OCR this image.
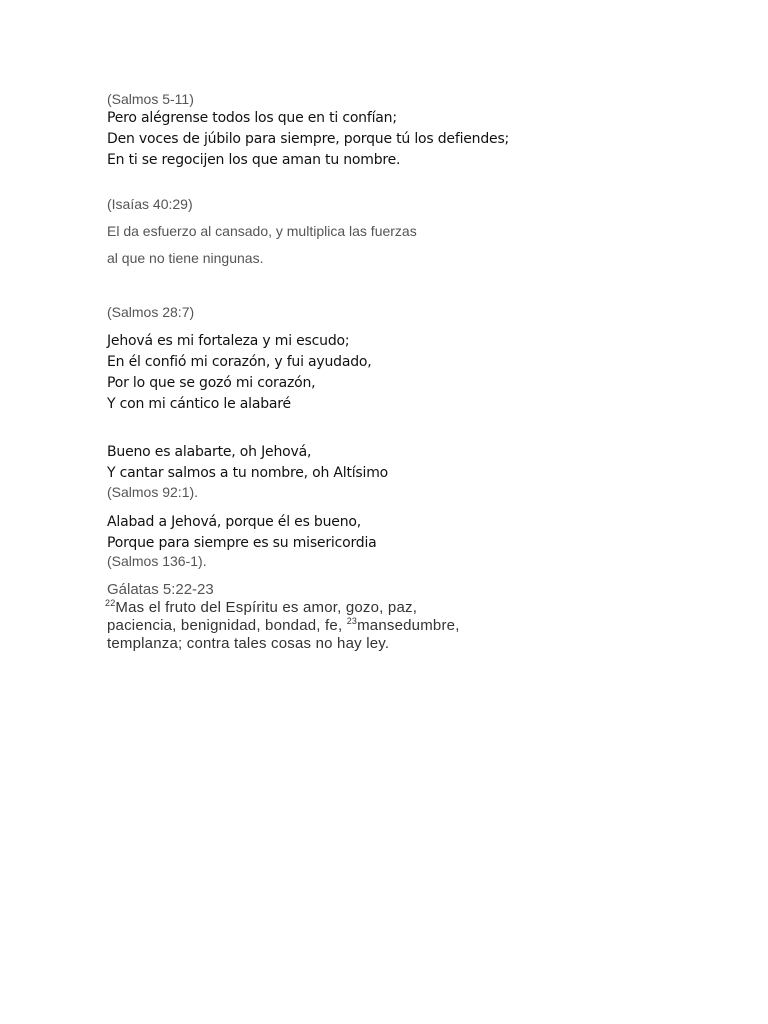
(Salmos 5-11)
Pero alégrense todos los que en ti confían;
Den voces de júbilo para siempre, porque tú los defiendes;
En ti se regocijen los que aman tu nombre.
(Isaías 40:29)
El da esfuerzo al cansado, y multiplica las fuerzas
al que no tiene ningunas.
(Salmos 28:7)
Jehová es mi fortaleza y mi escudo;
En él confió mi corazón, y fui ayudado,
Por lo que se gozó mi corazón,
Y con mi cántico le alabaré
Bueno es alabarte, oh Jehová,
Y cantar salmos a tu nombre, oh Altísimo
(Salmos 92:1).
Alabad a Jehová, porque él es bueno,
Porque para siempre es su misericordia
(Salmos 136-1).
Gálatas 5:22-23
$^{22}$Mas el fruto del Espíritu es amor, gozo, paz,
paciencia, benignidad, bondad, fe, $^{23}$mansedumbre,
templanza; contra tales cosas no hay ley.
